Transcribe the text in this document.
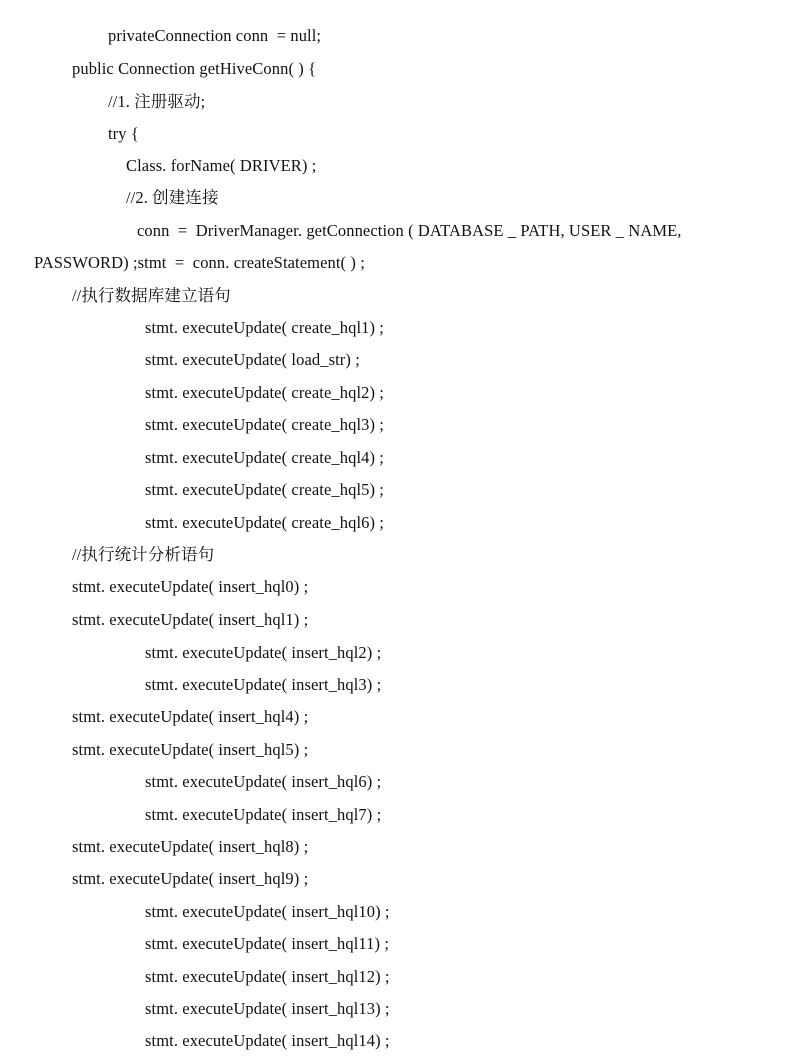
privateConnection conn  = null;
public Connection getHiveConn( ) {
//1. 注册驱动;
try {
Class. forName( DRIVER) ;
//2. 创建连接
conn  =  DriverManager. getConnection ( DATABASE _ PATH, USER _ NAME,
PASSWORD) ;stmt  =  conn. createStatement( ) ;
//执行数据库建立语句
stmt. executeUpdate( create_hql1) ;
stmt. executeUpdate( load_str) ;
stmt. executeUpdate( create_hql2) ;
stmt. executeUpdate( create_hql3) ;
stmt. executeUpdate( create_hql4) ;
stmt. executeUpdate( create_hql5) ;
stmt. executeUpdate( create_hql6) ;
//执行统计分析语句
stmt. executeUpdate( insert_hql0) ;
stmt. executeUpdate( insert_hql1) ;
stmt. executeUpdate( insert_hql2) ;
stmt. executeUpdate( insert_hql3) ;
stmt. executeUpdate( insert_hql4) ;
stmt. executeUpdate( insert_hql5) ;
stmt. executeUpdate( insert_hql6) ;
stmt. executeUpdate( insert_hql7) ;
stmt. executeUpdate( insert_hql8) ;
stmt. executeUpdate( insert_hql9) ;
stmt. executeUpdate( insert_hql10) ;
stmt. executeUpdate( insert_hql11) ;
stmt. executeUpdate( insert_hql12) ;
stmt. executeUpdate( insert_hql13) ;
stmt. executeUpdate( insert_hql14) ;
